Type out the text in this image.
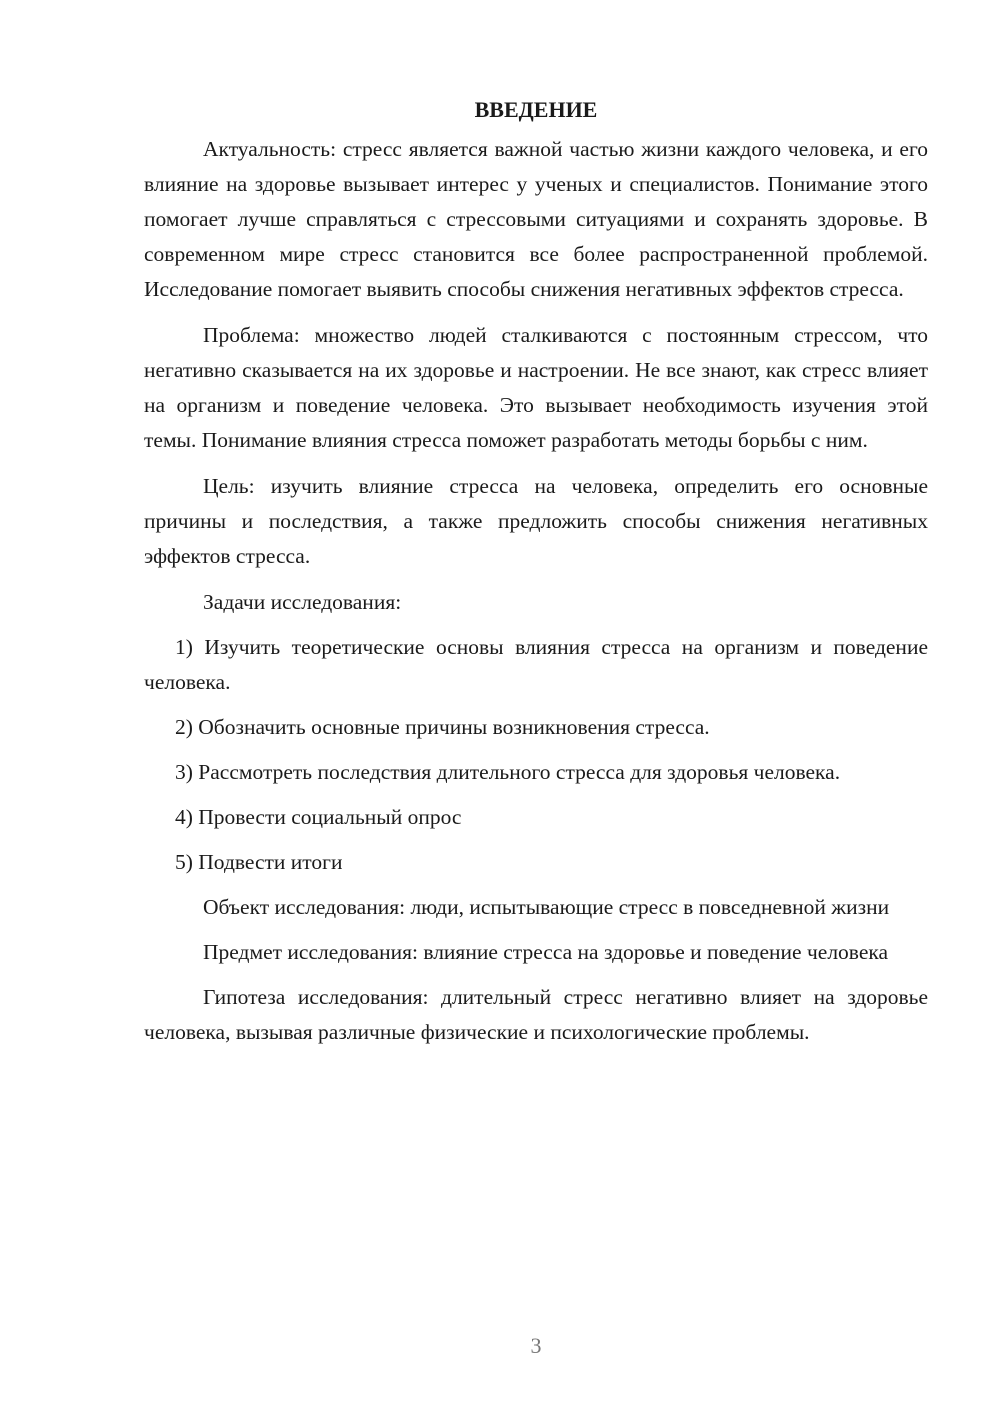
ВВЕДЕНИЕ

Актуальность: стресс является важной частью жизни каждого человека, и его влияние на здоровье вызывает интерес у ученых и специалистов. Понимание этого помогает лучше справляться с стрессовыми ситуациями и сохранять здоровье. В современном мире стресс становится все более распространенной проблемой. Исследование помогает выявить способы снижения негативных эффектов стресса.

Проблема: множество людей сталкиваются с постоянным стрессом, что негативно сказывается на их здоровье и настроении. Не все знают, как стресс влияет на организм и поведение человека. Это вызывает необходимость изучения этой темы. Понимание влияния стресса поможет разработать методы борьбы с ним.

Цель: изучить влияние стресса на человека, определить его основные причины и последствия, а также предложить способы снижения негативных эффектов стресса.

Задачи исследования:

1) Изучить теоретические основы влияния стресса на организм и поведение человека.

2) Обозначить основные причины возникновения стресса.

3) Рассмотреть последствия длительного стресса для здоровья человека.

4) Провести социальный опрос

5) Подвести итоги

Объект исследования: люди, испытывающие стресс в повседневной жизни

Предмет исследования: влияние стресса на здоровье и поведение человека

Гипотеза исследования: длительный стресс негативно влияет на здоровье человека, вызывая различные физические и психологические проблемы.

3
